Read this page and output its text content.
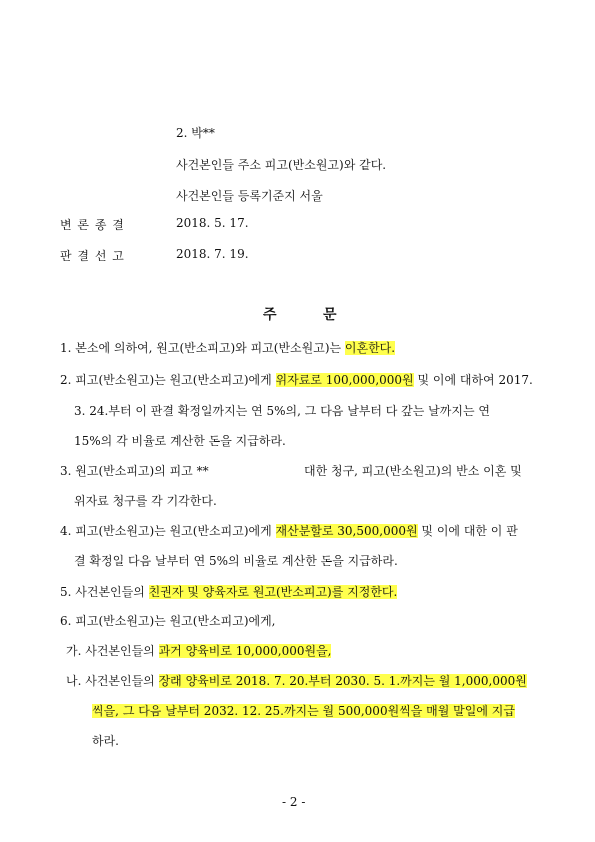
2. 박**
사건본인들 주소 피고(반소원고)와 같다.
사건본인들 등록기준지 서울
변 론 종 결	2018. 5. 17.
판 결 선 고	2018. 7. 19.
주	문
1. 본소에 의하여, 원고(반소피고)와 피고(반소원고)는 이혼한다.
2. 피고(반소원고)는 원고(반소피고)에게 위자료로 100,000,000원 및 이에 대하여 2017.
3. 24.부터 이 판결 확정일까지는 연 5%의, 그 다음 날부터 다 갚는 날까지는 연
15%의 각 비율로 계산한 돈을 지급하라.
3. 원고(반소피고)의 피고 **	대한 청구, 피고(반소원고)의 반소 이혼 및
위자료 청구를 각 기각한다.
4. 피고(반소원고)는 원고(반소피고)에게 재산분할로 30,500,000원 및 이에 대한 이 판
결 확정일 다음 날부터 연 5%의 비율로 계산한 돈을 지급하라.
5. 사건본인들의 친권자 및 양육자로 원고(반소피고)를 지정한다.
6. 피고(반소원고)는 원고(반소피고)에게,
가. 사건본인들의 과거 양육비로 10,000,000원을,
나. 사건본인들의 장래 양육비로 2018. 7. 20.부터 2030. 5. 1.까지는 월 1,000,000원
씩을, 그 다음 날부터 2032. 12. 25.까지는 월 500,000원씩을 매월 말일에 지급
하라.
- 2 -
